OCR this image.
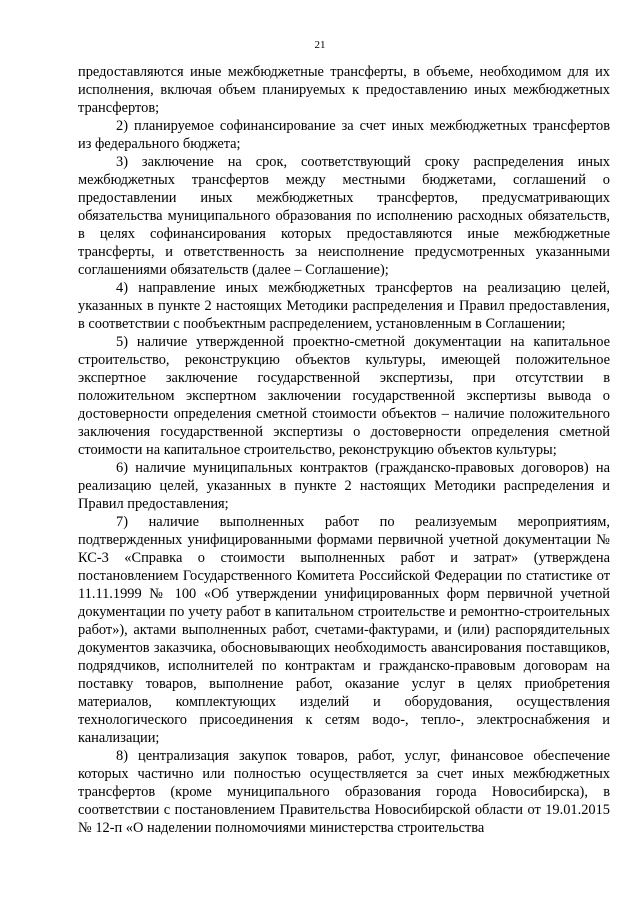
21

предоставляются иные межбюджетные трансферты, в объеме, необходимом для их исполнения, включая объем планируемых к предоставлению иных межбюджетных трансфертов;

2) планируемое софинансирование за счет иных межбюджетных трансфертов из федерального бюджета;

3) заключение на срок, соответствующий сроку распределения иных межбюджетных трансфертов между местными бюджетами, соглашений о предоставлении иных межбюджетных трансфертов, предусматривающих обязательства муниципального образования по исполнению расходных обязательств, в целях софинансирования которых предоставляются иные межбюджетные трансферты, и ответственность за неисполнение предусмотренных указанными соглашениями обязательств (далее – Соглашение);

4) направление иных межбюджетных трансфертов на реализацию целей, указанных в пункте 2 настоящих Методики распределения и Правил предоставления, в соответствии с пообъектным распределением, установленным в Соглашении;

5) наличие утвержденной проектно-сметной документации на капитальное строительство, реконструкцию объектов культуры, имеющей положительное экспертное заключение государственной экспертизы, при отсутствии в положительном экспертном заключении государственной экспертизы вывода о достоверности определения сметной стоимости объектов – наличие положительного заключения государственной экспертизы о достоверности определения сметной стоимости на капитальное строительство, реконструкцию объектов культуры;

6) наличие муниципальных контрактов (гражданско-правовых договоров) на реализацию целей, указанных в пункте 2 настоящих Методики распределения и Правил предоставления;

7) наличие выполненных работ по реализуемым мероприятиям, подтвержденных унифицированными формами первичной учетной документации № КС-3 «Справка о стоимости выполненных работ и затрат» (утверждена постановлением Государственного Комитета Российской Федерации по статистике от 11.11.1999 № 100 «Об утверждении унифицированных форм первичной учетной документации по учету работ в капитальном строительстве и ремонтно-строительных работ»), актами выполненных работ, счетами-фактурами, и (или) распорядительных документов заказчика, обосновывающих необходимость авансирования поставщиков, подрядчиков, исполнителей по контрактам и гражданско-правовым договорам на поставку товаров, выполнение работ, оказание услуг в целях приобретения материалов, комплектующих изделий и оборудования, осуществления технологического присоединения к сетям водо-, тепло-, электроснабжения и канализации;

8) централизация закупок товаров, работ, услуг, финансовое обеспечение которых частично или полностью осуществляется за счет иных межбюджетных трансфертов (кроме муниципального образования города Новосибирска), в соответствии с постановлением Правительства Новосибирской области от 19.01.2015 № 12-п «О наделении полномочиями министерства строительства
